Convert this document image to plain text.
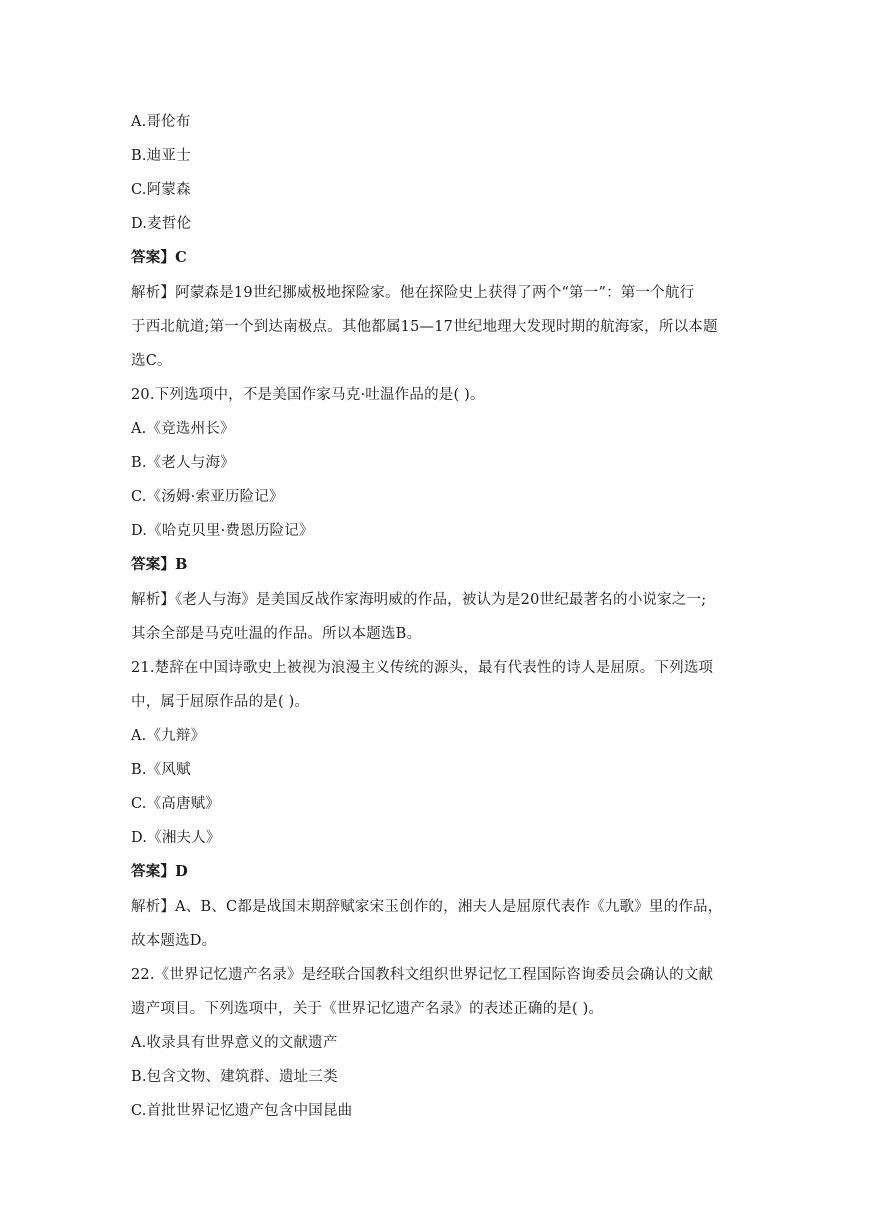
A.哥伦布
B.迪亚士
C.阿蒙森
D.麦哲伦
答案】C
解析】阿蒙森是19世纪挪威极地探险家。他在探险史上获得了两个“第一”：第一个航行
于西北航道;第一个到达南极点。其他都属15—17世纪地理大发现时期的航海家，所以本题
选C。
20.下列选项中，不是美国作家马克·吐温作品的是( )。
A.《竞选州长》
B.《老人与海》
C.《汤姆·索亚历险记》
D.《哈克贝里·费恩历险记》
答案】B
解析】《老人与海》是美国反战作家海明威的作品，被认为是20世纪最著名的小说家之一;
其余全部是马克吐温的作品。所以本题选B。
21.楚辞在中国诗歌史上被视为浪漫主义传统的源头，最有代表性的诗人是屈原。下列选项
中，属于屈原作品的是( )。
A.《九辩》
B.《风赋
C.《高唐赋》
D.《湘夫人》
答案】D
解析】A、B、C都是战国末期辞赋家宋玉创作的，湘夫人是屈原代表作《九歌》里的作品，
故本题选D。
22.《世界记忆遗产名录》是经联合国教科文组织世界记忆工程国际咨询委员会确认的文献
遗产项目。下列选项中，关于《世界记忆遗产名录》的表述正确的是( )。
A.收录具有世界意义的文献遗产
B.包含文物、建筑群、遗址三类
C.首批世界记忆遗产包含中国昆曲
